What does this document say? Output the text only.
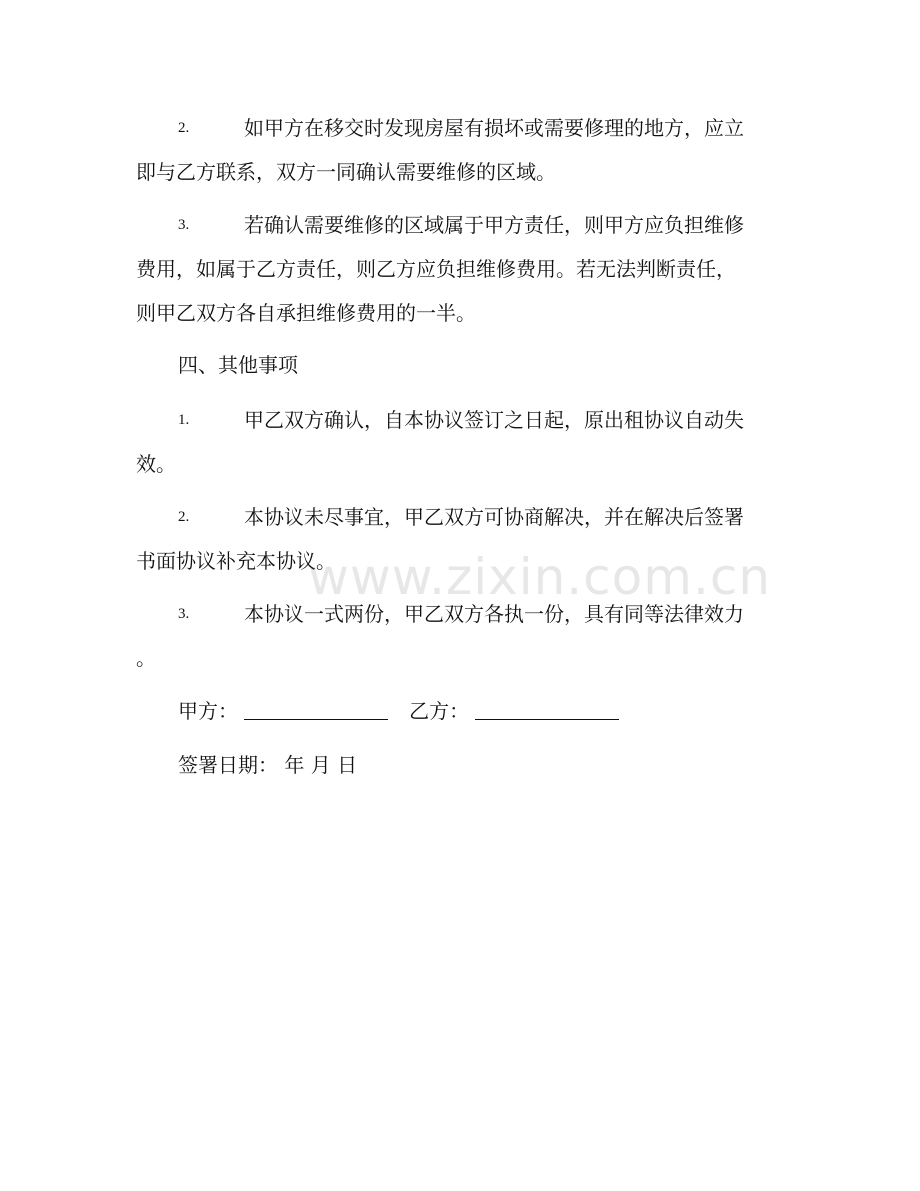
2.	如甲方在移交时发现房屋有损坏或需要修理的地方，应立
即与乙方联系，双方一同确认需要维修的区域。
3.	若确认需要维修的区域属于甲方责任，则甲方应负担维修
费用，如属于乙方责任，则乙方应负担维修费用。若无法判断责任，
则甲乙双方各自承担维修费用的一半。
四、其他事项
1.	甲乙双方确认，自本协议签订之日起，原出租协议自动失
效。
2.	本协议未尽事宜，甲乙双方可协商解决，并在解决后签署
书面协议补充本协议。
3.	本协议一式两份，甲乙双方各执一份，具有同等法律效力
。
甲方：	乙方：
签署日期： 年 月 日
www.zixin.com.cn
